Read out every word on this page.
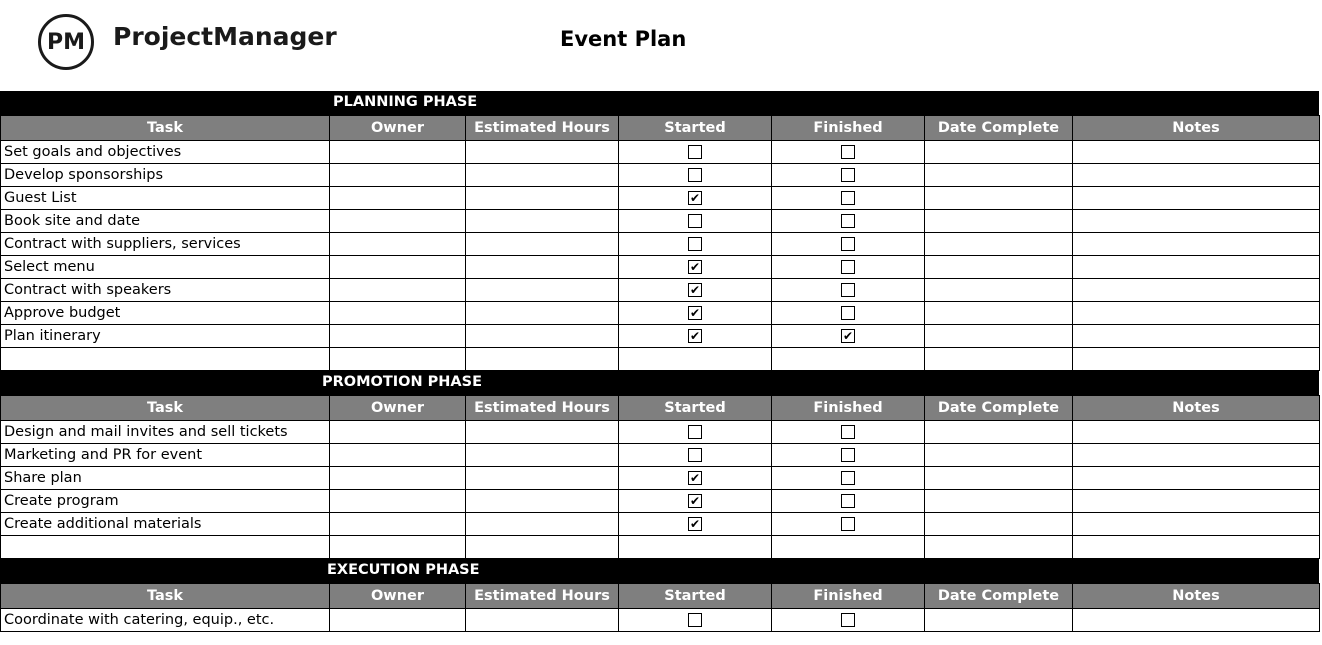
PM	ProjectManager	Event Plan
PLANNING PHASE
Task	Owner	Estimated Hours	Started	Finished	Date Complete	Notes
Set goals and objectives						
Develop sponsorships						
Guest List			✔			
Book site and date						
Contract with suppliers, services						
Select menu			✔			
Contract with speakers			✔			
Approve budget			✔			
Plan itinerary			✔	✔		

PROMOTION PHASE
Task	Owner	Estimated Hours	Started	Finished	Date Complete	Notes
Design and mail invites and sell tickets						
Marketing and PR for event						
Share plan			✔			
Create program			✔			
Create additional materials			✔			

EXECUTION PHASE
Task	Owner	Estimated Hours	Started	Finished	Date Complete	Notes
Coordinate with catering, equip., etc.						
